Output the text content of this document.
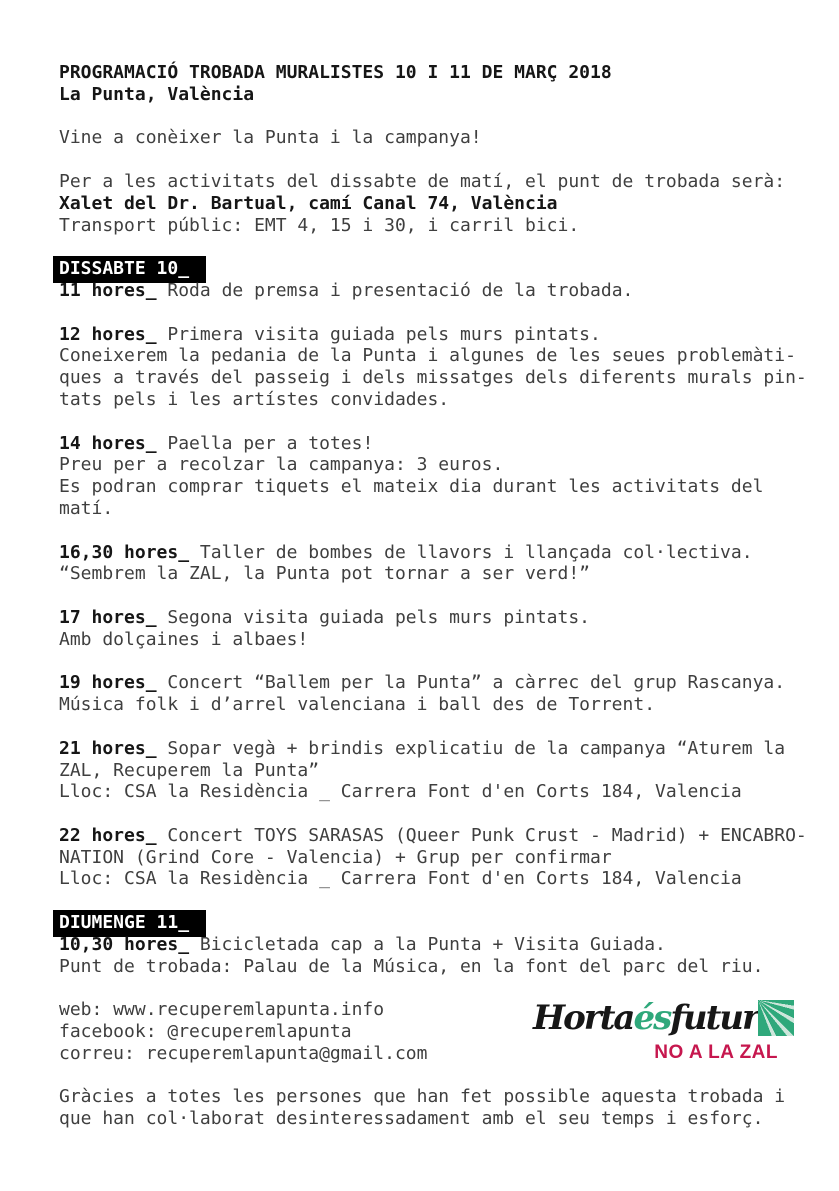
PROGRAMACIÓ TROBADA MURALISTES 10 I 11 DE MARÇ 2018
La Punta, València
Vine a conèixer la Punta i la campanya!
Per a les activitats del dissabte de matí, el punt de trobada serà:
Xalet del Dr. Bartual, camí Canal 74, València
Transport públic: EMT 4, 15 i 30, i carril bici.
DISSABTE 10_
11 hores_ Roda de premsa i presentació de la trobada.
12 hores_ Primera visita guiada pels murs pintats.
Coneixerem la pedania de la Punta i algunes de les seues problemàti-
ques a través del passeig i dels missatges dels diferents murals pin-
tats pels i les artístes convidades.
14 hores_ Paella per a totes!
Preu per a recolzar la campanya: 3 euros.
Es podran comprar tiquets el mateix dia durant les activitats del
matí.
16,30 hores_ Taller de bombes de llavors i llançada col·lectiva.
“Sembrem la ZAL, la Punta pot tornar a ser verd!”
17 hores_ Segona visita guiada pels murs pintats.
Amb dolçaines i albaes!
19 hores_ Concert “Ballem per la Punta” a càrrec del grup Rascanya.
Música folk i d’arrel valenciana i ball des de Torrent.
21 hores_ Sopar vegà + brindis explicatiu de la campanya “Aturem la
ZAL, Recuperem la Punta”
Lloc: CSA la Residència _ Carrera Font d'en Corts 184, Valencia
22 hores_ Concert TOYS SARASAS (Queer Punk Crust - Madrid) + ENCABRO-
NATION (Grind Core - Valencia) + Grup per confirmar
Lloc: CSA la Residència _ Carrera Font d'en Corts 184, Valencia
DIUMENGE 11_
10,30 hores_ Bicicletada cap a la Punta + Visita Guiada.
Punt de trobada: Palau de la Música, en la font del parc del riu.
web: www.recuperemlapunta.info
facebook: @recuperemlapunta
correu: recuperemlapunta@gmail.com
Gràcies a totes les persones que han fet possible aquesta trobada i
que han col·laborat desinteressadament amb el seu temps i esforç.
Hortaésfutur
NO A LA ZAL
